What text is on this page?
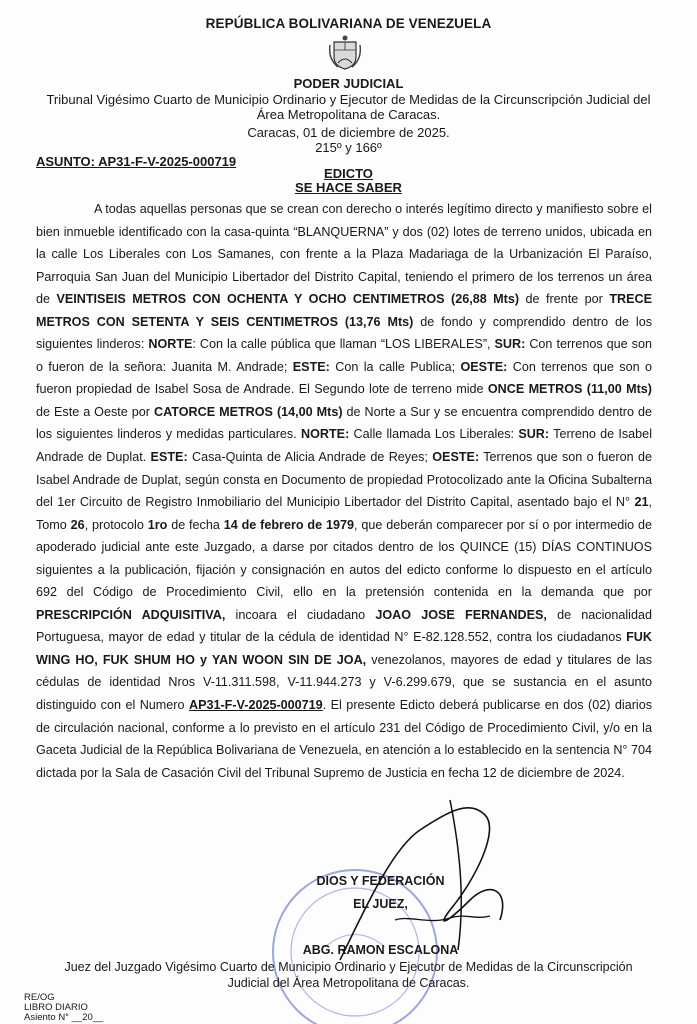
REPÚBLICA BOLIVARIANA DE VENEZUELA
PODER JUDICIAL
Tribunal Vigésimo Cuarto de Municipio Ordinario y Ejecutor de Medidas de la Circunscripción Judicial del Área Metropolitana de Caracas.
Caracas, 01 de diciembre de 2025.
215º y 166º
ASUNTO: AP31-F-V-2025-000719
EDICTO
SE HACE SABER

A todas aquellas personas que se crean con derecho o interés legítimo directo y manifiesto sobre el bien inmueble identificado con la casa-quinta “BLANQUERNA” y dos (02) lotes de terreno unidos, ubicada en la calle Los Liberales con Los Samanes, con frente a la Plaza Madariaga de la Urbanización El Paraíso, Parroquia San Juan del Municipio Libertador del Distrito Capital, teniendo el primero de los terrenos un área de VEINTISEIS METROS CON OCHENTA Y OCHO CENTIMETROS (26,88 Mts) de frente por TRECE METROS CON SETENTA Y SEIS CENTIMETROS (13,76 Mts) de fondo y comprendido dentro de los siguientes linderos: NORTE: Con la calle pública que llaman “LOS LIBERALES”, SUR: Con terrenos que son o fueron de la señora: Juanita M. Andrade; ESTE: Con la calle Publica; OESTE: Con terrenos que son o fueron propiedad de Isabel Sosa de Andrade. El Segundo lote de terreno mide ONCE METROS (11,00 Mts) de Este a Oeste por CATORCE METROS (14,00 Mts) de Norte a Sur y se encuentra comprendido dentro de los siguientes linderos y medidas particulares. NORTE: Calle llamada Los Liberales: SUR: Terreno de Isabel Andrade de Duplat. ESTE: Casa-Quinta de Alicia Andrade de Reyes; OESTE: Terrenos que son o fueron de Isabel Andrade de Duplat, según consta en Documento de propiedad Protocolizado ante la Oficina Subalterna del 1er Circuito de Registro Inmobiliario del Municipio Libertador del Distrito Capital, asentado bajo el N° 21, Tomo 26, protocolo 1ro de fecha 14 de febrero de 1979, que deberán comparecer por sí o por intermedio de apoderado judicial ante este Juzgado, a darse por citados dentro de los QUINCE (15) DÍAS CONTINUOS siguientes a la publicación, fijación y consignación en autos del edicto conforme lo dispuesto en el artículo 692 del Código de Procedimiento Civil, ello en la pretensión contenida en la demanda que por PRESCRIPCIÓN ADQUISITIVA, incoara el ciudadano JOAO JOSE FERNANDES, de nacionalidad Portuguesa, mayor de edad y titular de la cédula de identidad N° E-82.128.552, contra los ciudadanos FUK WING HO, FUK SHUM HO y YAN WOON SIN DE JOA, venezolanos, mayores de edad y titulares de las cédulas de identidad Nros V-11.311.598, V-11.944.273 y V-6.299.679, que se sustancia en el asunto distinguido con el Numero AP31-F-V-2025-000719. El presente Edicto deberá publicarse en dos (02) diarios de circulación nacional, conforme a lo previsto en el artículo 231 del Código de Procedimiento Civil, y/o en la Gaceta Judicial de la República Bolivariana de Venezuela, en atención a lo establecido en la sentencia N° 704 dictada por la Sala de Casación Civil del Tribunal Supremo de Justicia en fecha 12 de diciembre de 2024.

DIOS Y FEDERACIÓN
EL JUEZ,
ABG. RAMON ESCALONA
Juez del Juzgado Vigésimo Cuarto de Municipio Ordinario y Ejecutor de Medidas de la Circunscripción Judicial del Área Metropolitana de Caracas.
RE/OG
LIBRO DIARIO
Asiento N° __20__
